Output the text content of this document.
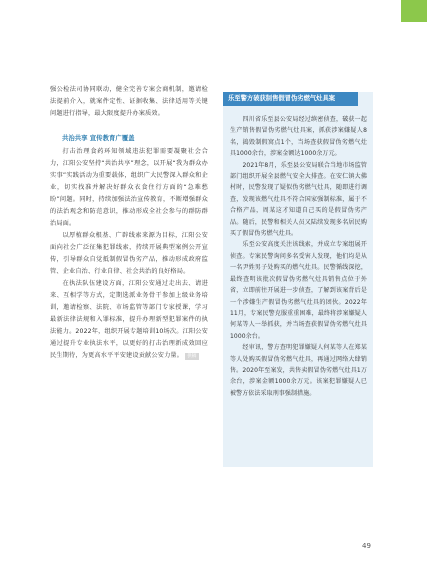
强公检法司协同联动，健全完善专案会商机制，邀请检法提前介入，就案件定性、证据收集、法律适用等关键问题进行指导，最大限度提升办案质效。

共治共享 宣传教育广覆盖

打击治理食药环知领域违法犯罪需要凝聚社会合力，江阳公安坚持“共治共享”理念，以开展“我为群众办实事”实践活动为重要载体，组织广大民警深入群众和企业，切实找准并解决好群众衣食住行方面的“急难愁盼”问题。同时，持续加强法治宣传教育，不断增强群众的法治观念和防范意识，推动形成全社会参与的群防群治局面。

以厚植群众根基、广辟线索来源为目标，江阳公安面向社会广泛征集犯罪线索，持续开展典型案例公开宣传，引导群众自觉抵制假冒伪劣产品，推动形成政府监管、企业自治、行业自律、社会共治的良好格局。

在执法队伍建设方面，江阳公安通过走出去、请进来、互相学等方式，定期选派业务骨干参加上级业务培训，邀请检察、法院、市场监管等部门专家授课，学习最新法律法规和入罪标准，提升办理新型犯罪案件的执法能力。2022年，组织开展专题培训10场次。江阳公安通过提升专业执法水平，以更好的打击治理新成效回应民生期待，为更高水平平安建设贡献公安力量。 供稿

乐至警方破获制售假冒伪劣燃气灶具案

四川省乐至县公安局经过缜密侦查，破获一起生产销售假冒伪劣燃气灶具案，抓获涉案嫌疑人8名，捣毁制假窝点1个，当场查获假冒伪劣燃气灶具1000余台，涉案金额达1000余万元。

2021年8月，乐至县公安局联合当地市场监管部门组织开展全县燃气安全大排查。在安仁镇大佛村时，民警发现了疑似伪劣燃气灶具，随即进行调查，发现该燃气灶具不符合国家强制标准，属于不合格产品，周某这才知道自己买的是假冒伪劣产品。随后，民警和相关人员又陆续发现多名居民购买了假冒伪劣燃气灶具。

乐至公安高度关注该线索，并成立专案组展开侦查。专案民警询问多名受害人发现，他们均是从一名尹姓男子处购买的燃气灶具。民警循线深挖，最终查明该批次假冒伪劣燃气灶具销售点位于外省，立即前往开展进一步侦查，了解到该案背后是一个涉嫌生产假冒伪劣燃气灶具的团伙。2022年11月，专案民警克服重重困难，最终将涉案嫌疑人何某等人一举抓获，并当场查获假冒伪劣燃气灶具1000余台。

经审讯，警方查明犯罪嫌疑人何某等人在郑某等人处购买假冒伪劣燃气灶具，再通过网络大肆销售。2020年至案发，共售卖假冒伪劣燃气灶具1万余台，涉案金额1000余万元。该案犯罪嫌疑人已被警方依法采取刑事强制措施。

49
